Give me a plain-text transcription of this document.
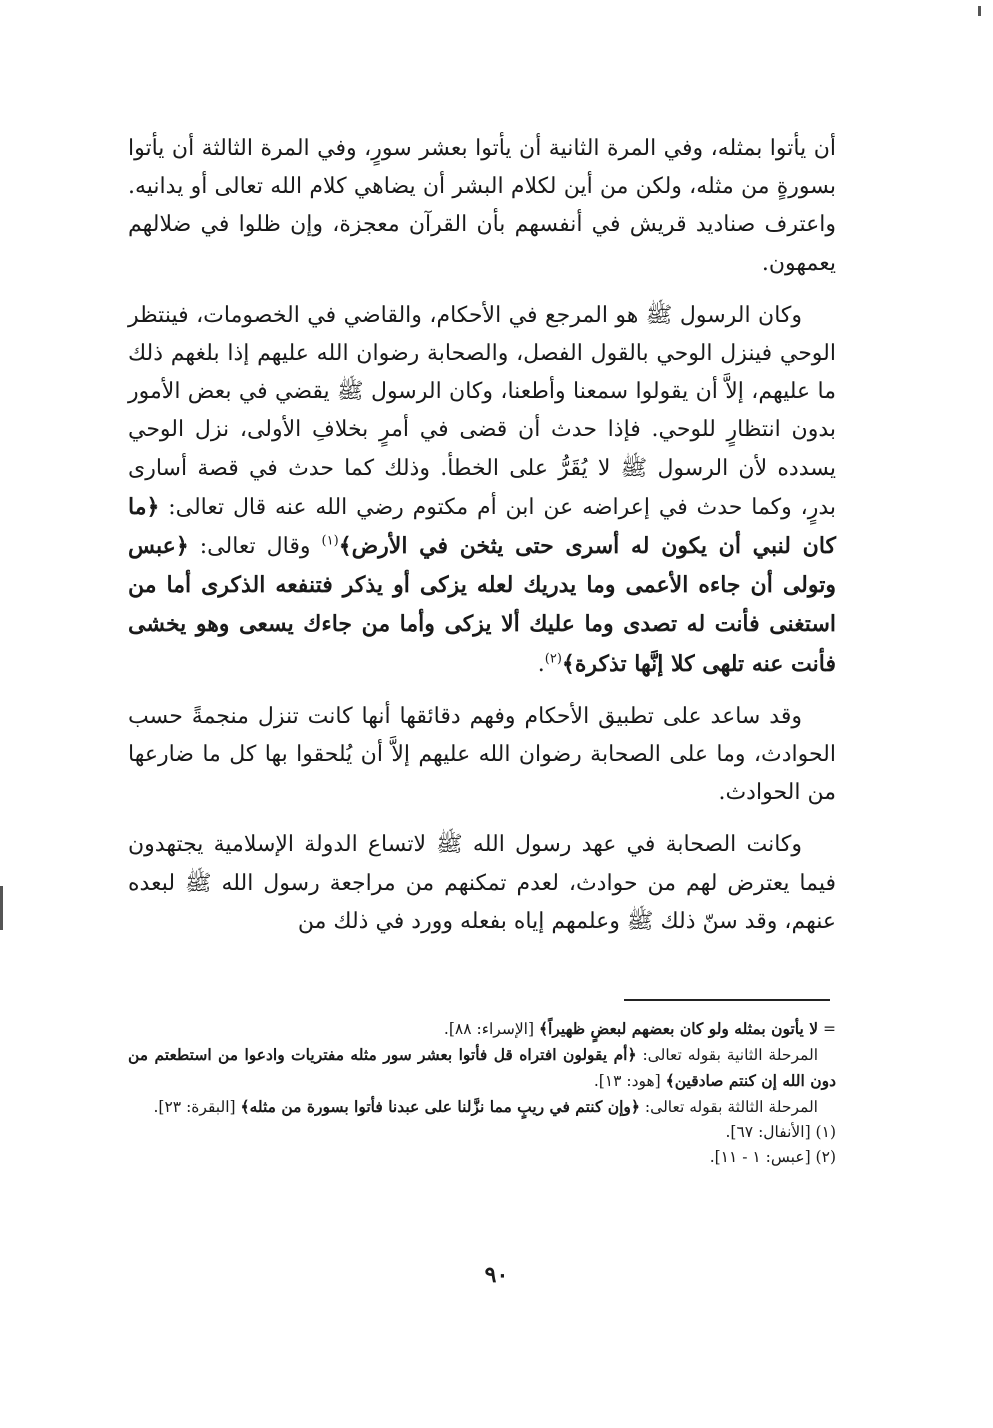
أن يأتوا بمثله، وفي المرة الثانية أن يأتوا بعشر سورٍ، وفي المرة الثالثة أن يأتوا بسورةٍ من مثله، ولكن من أين لكلام البشر أن يضاهي كلام الله تعالى أو يدانيه. واعترف صناديد قريش في أنفسهم بأن القرآن معجزة، وإن ظلوا في ضلالهم يعمهون.

وكان الرسول ﷺ هو المرجع في الأحكام، والقاضي في الخصومات، فينتظر الوحي فينزل الوحي بالقول الفصل، والصحابة رضوان الله عليهم إذا بلغهم ذلك ما عليهم، إلاَّ أن يقولوا سمعنا وأطعنا، وكان الرسول ﷺ يقضي في بعض الأمور بدون انتظارٍ للوحي. فإذا حدث أن قضى في أمرٍ بخلافِ الأولى، نزل الوحي يسدده لأن الرسول ﷺ لا يُقَرُّ على الخطأ. وذلك كما حدث في قصة أسارى بدرٍ، وكما حدث في إعراضه عن ابن أم مكتوم رضي الله عنه قال تعالى: ﴿ما كان لنبي أن يكون له أسرى حتى يثخن في الأرض﴾$^{(١)}$ وقال تعالى: ﴿عبس وتولى أن جاءه الأعمى وما يدريك لعله يزكى أو يذكر فتنفعه الذكرى أما من استغنى فأنت له تصدى وما عليك ألا يزكى وأما من جاءك يسعى وهو يخشى فأنت عنه تلهى كلا إنَّها تذكرة﴾$^{(٢)}$.

وقد ساعد على تطبيق الأحكام وفهم دقائقها أنها كانت تنزل منجمةً حسب الحوادث، وما على الصحابة رضوان الله عليهم إلاَّ أن يُلحقوا بها كل ما ضارعها من الحوادث.

وكانت الصحابة في عهد رسول الله ﷺ لاتساع الدولة الإسلامية يجتهدون فيما يعترض لهم من حوادث، لعدم تمكنهم من مراجعة رسول الله ﷺ لبعده عنهم، وقد سنّ ذلك ﷺ وعلمهم إياه بفعله وورد في ذلك من

= لا يأتون بمثله ولو كان بعضهم لبعضٍ ظهيراً﴾ [الإسراء: ٨٨].

المرحلة الثانية بقوله تعالى: ﴿أم يقولون افتراه قل فأتوا بعشر سور مثله مفتريات وادعوا من استطعتم من دون الله إن كنتم صادقين﴾ [هود: ١٣].

المرحلة الثالثة بقوله تعالى: ﴿وإن كنتم في ريبٍ مما نزَّلنا على عبدنا فأتوا بسورة من مثله﴾ [البقرة: ٢٣].

(١) [الأنفال: ٦٧].

(٢) [عبس: ١ - ١١].

٩٠
